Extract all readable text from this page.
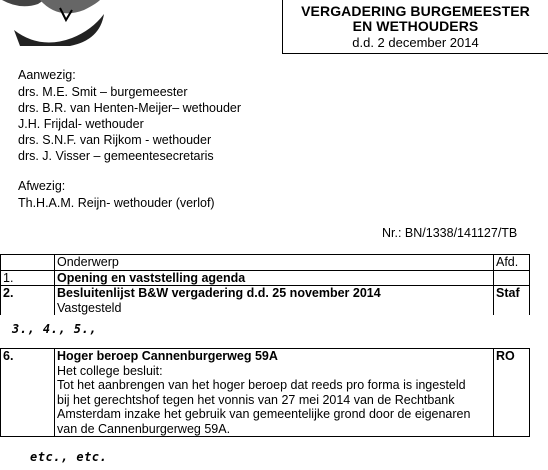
VERGADERING BURGEMEESTER
EN WETHOUDERS
d.d. 2 december 2014
Aanwezig:
drs. M.E. Smit – burgemeester
drs. B.R. van Henten-Meijer– wethouder
J.H. Frijdal- wethouder
drs. S.N.F. van Rijkom - wethouder
drs. J. Visser – gemeentesecretaris
Afwezig:
Th.H.A.M. Reijn- wethouder (verlof)
Nr.: BN/1338/141127/TB
	Onderwerp	Afd.
1.	Opening en vaststelling agenda	
2.	Besluitenlijst B&W vergadering d.d. 25 november 2014
Vastgesteld	Staf
3., 4., 5.,
6.	Hoger beroep Cannenburgerweg 59A
Het college besluit:
Tot het aanbrengen van het hoger beroep dat reeds pro forma is ingesteld
bij het gerechtshof tegen het vonnis van 27 mei 2014 van de Rechtbank
Amsterdam inzake het gebruik van gemeentelijke grond door de eigenaren
van de Cannenburgerweg 59A.	RO
etc., etc.
